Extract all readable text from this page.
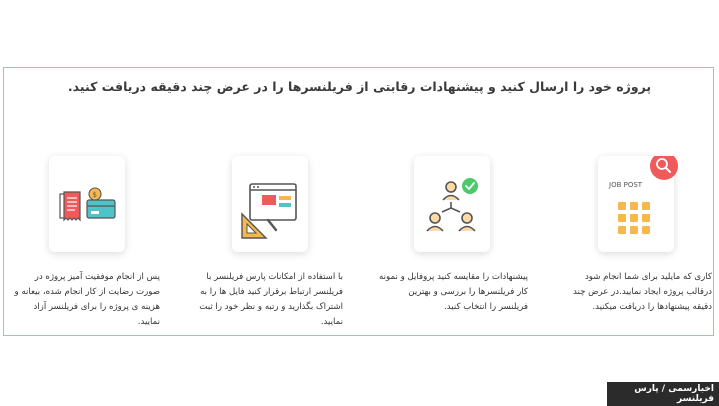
پروژه خود را ارسال کنید و پیشنهادات رقابتی از فریلنسرها را در عرض چند دقیقه دریافت کنید.
JOB POST
کاری که مایلید برای شما انجام شود درقالب پروژه ایجاد نمایید.در عرض چند دقیقه پیشنهادها را دریافت میکنید.
پیشنهادات را مقایسه کنید پروفایل و نمونه کار فریلنسرها را بررسی و بهترین فریلنسر را انتخاب کنید.
با استفاده از امکانات پارس فریلنسر با فریلنسر ارتباط برقرار کنید فایل ها را به اشتراک بگذارید و رتبه و نظر خود را ثبت نمایید.
$
پس از انجام موفقیت آمیز پروژه در صورت رضایت از کار انجام شده، بیعانه و هزینه ی پروژه را برای فریلنسر آزاد نمایید.
اخبارسمی / پارس فریلنسر
